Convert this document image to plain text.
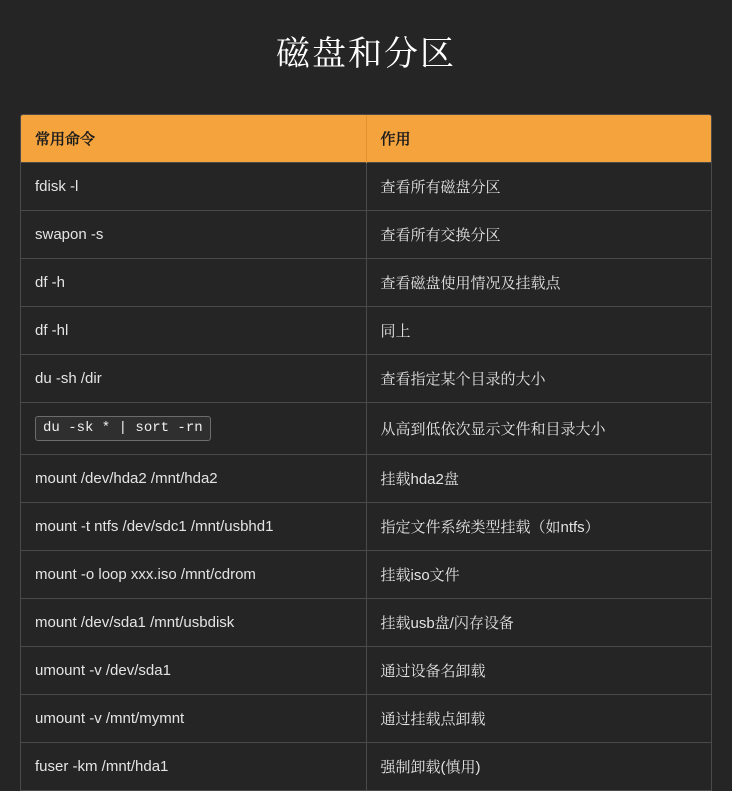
磁盘和分区
常用命令	作用
fdisk -l	查看所有磁盘分区
swapon -s	查看所有交换分区
df -h	查看磁盘使用情况及挂载点
df -hl	同上
du -sh /dir	查看指定某个目录的大小
du -sk * | sort -rn	从高到低依次显示文件和目录大小
mount /dev/hda2 /mnt/hda2	挂载hda2盘
mount -t ntfs /dev/sdc1 /mnt/usbhd1	指定文件系统类型挂载（如ntfs）
mount -o loop xxx.iso /mnt/cdrom	挂载iso文件
mount /dev/sda1 /mnt/usbdisk	挂载usb盘/闪存设备
umount -v /dev/sda1	通过设备名卸载
umount -v /mnt/mymnt	通过挂载点卸载
fuser -km /mnt/hda1	强制卸载(慎用)
